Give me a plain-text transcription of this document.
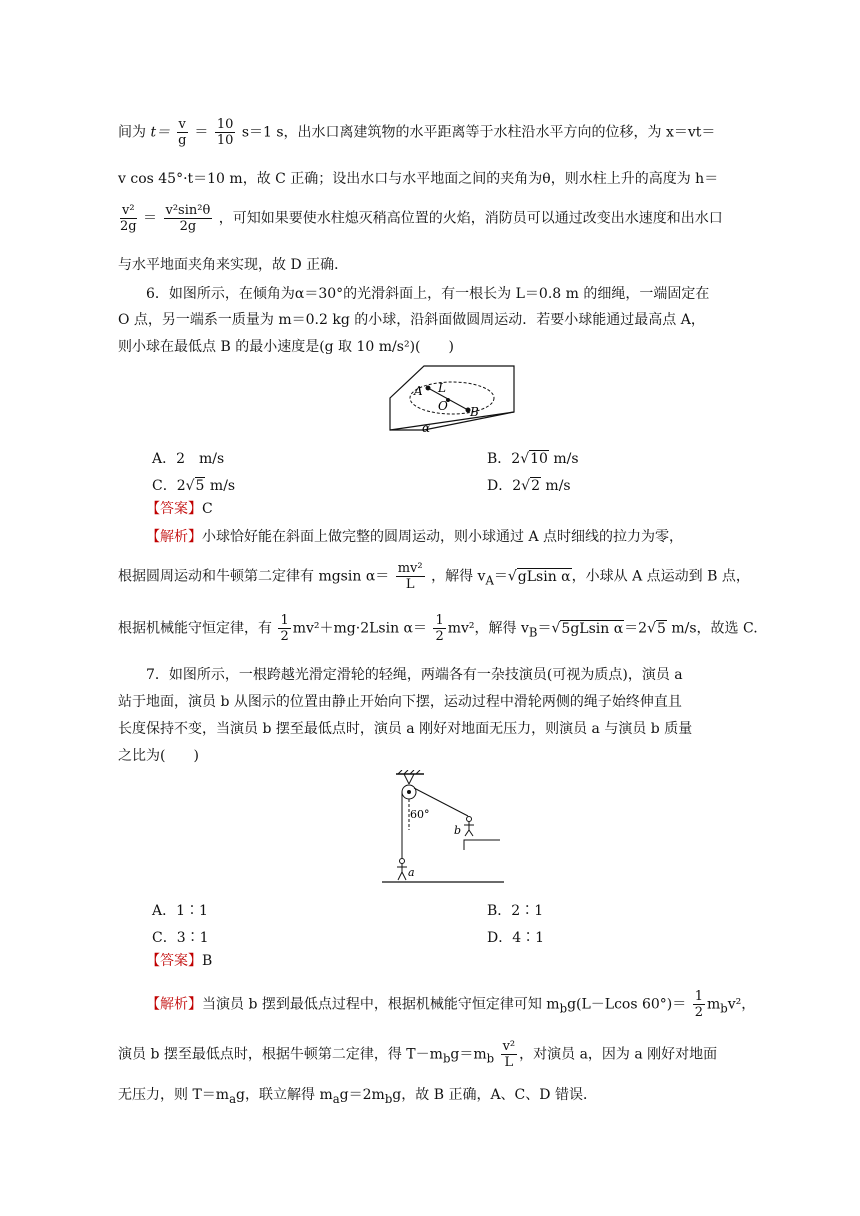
间为 $t= \frac{v}{g} = \frac{10}{10} s=1$ s，出水口离建筑物的水平距离等于水柱沿水平方向的位移，为 x＝vt＝
v cos 45°·t＝10 m，故 C 正确；设出水口与水平地面之间的夹角为θ，则水柱上升的高度为 h＝
$\frac{\text{v²}}{2g} = \frac{\text{v²sin²θ}}{2g}$ ，可知如果要使水柱熄灭稍高位置的火焰，消防员可以通过改变出水速度和出水口
与水平地面夹角来实现，故 D 正确．
6．如图所示，在倾角为α＝30°的光滑斜面上，有一根长为 L＝0.8 m 的细绳，一端固定在
O 点，另一端系一质量为 m＝0.2 kg 的小球，沿斜面做圆周运动．若要小球能通过最高点 A，
则小球在最低点 B 的最小速度是(g 取 10 m/s²)(　　)
A L
O B
α
A．2　m/s	B．2√10 m/s
C．2√5 m/s	D．2√2 m/s
【答案】C
【解析】小球恰好能在斜面上做完整的圆周运动，则小球通过 A 点时细线的拉力为零，
根据圆周运动和牛顿第二定律有 mgsin $\alpha= \frac{\text{mv²}}{L}$ ，解得 $v_A=√gLsin$ α，小球从 A 点运动到 B 点，
根据机械能守恒定律，有 $\frac{1}{2} mv^2+mg\cdot 2Lsin$ $\alpha= \frac{1}{2} mv^2$，解得 $v_B=√5gLsin$ α＝2√5 m/s，故选 C.
7．如图所示，一根跨越光滑定滑轮的轻绳，两端各有一杂技演员(可视为质点)，演员 a
站于地面，演员 b 从图示的位置由静止开始向下摆，运动过程中滑轮两侧的绳子始终伸直且
长度保持不变，当演员 b 摆至最低点时，演员 a 刚好对地面无压力，则演员 a 与演员 b 质量
之比为(　　)
60°
b
a
A．1∶1	B．2∶1
C．3∶1	D．4∶1
【答案】B
【解析】当演员 b 摆到最低点过程中，根据机械能守恒定律可知 $m_bg(L-Lcos$ $60^\circ)= \frac{1}{2} m_bv^2$，
演员 b 摆至最低点时，根据牛顿第二定律，得 $T-m_bg=m_b \frac{\text{v²}}{L}$ ，对演员 a，因为 a 刚好对地面
无压力，则 $T=m_ag$，联立解得 $m_ag=2m_bg$，故 B 正确，A、C、D 错误．
